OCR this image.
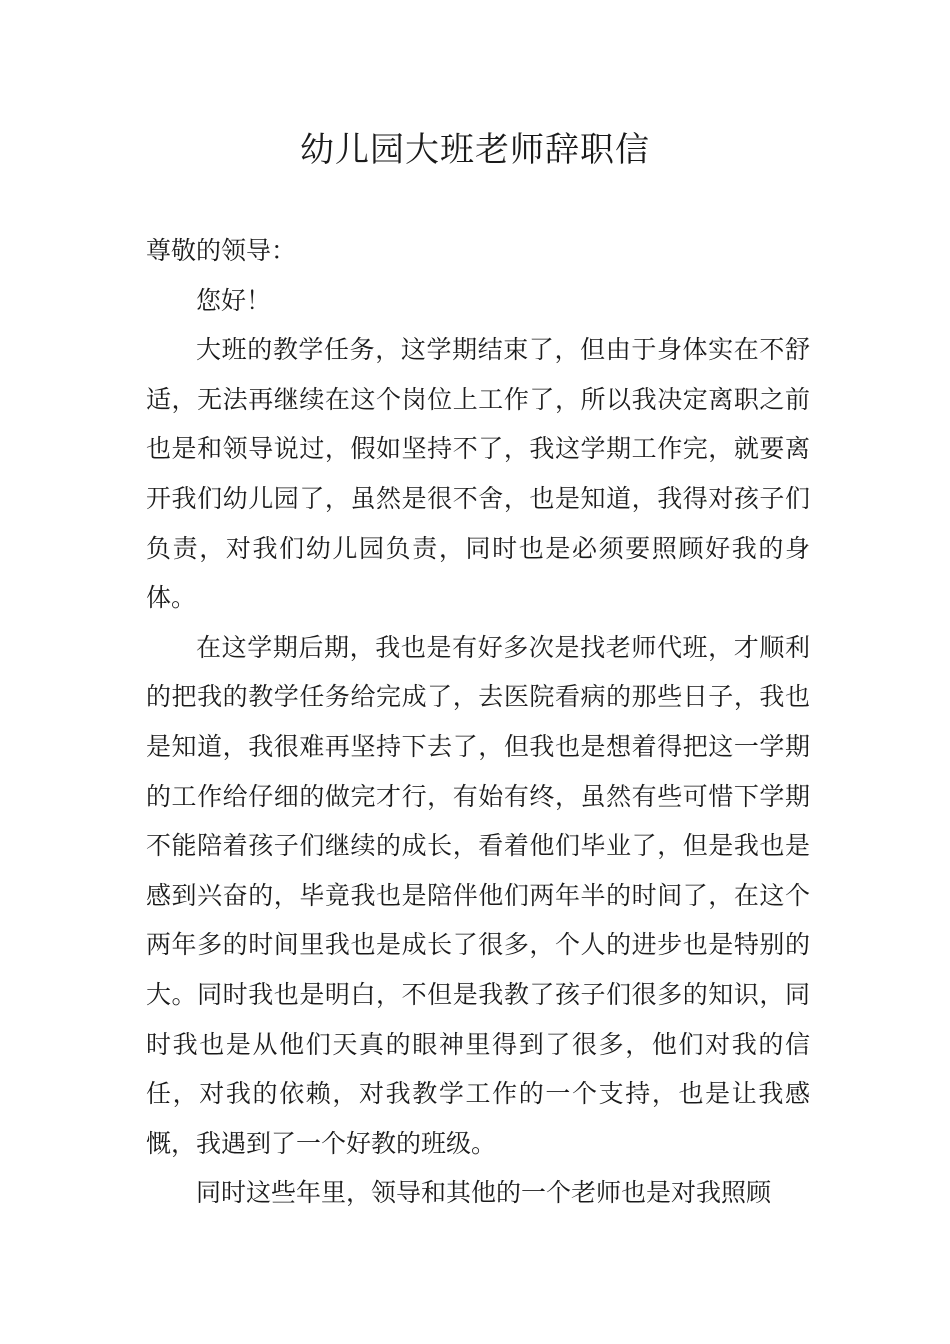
幼儿园大班老师辞职信

尊敬的领导：

您好！

大班的教学任务，这学期结束了，但由于身体实在不舒适，无法再继续在这个岗位上工作了，所以我决定离职之前也是和领导说过，假如坚持不了，我这学期工作完，就要离开我们幼儿园了，虽然是很不舍，也是知道，我得对孩子们负责，对我们幼儿园负责，同时也是必须要照顾好我的身体。

在这学期后期，我也是有好多次是找老师代班，才顺利的把我的教学任务给完成了，去医院看病的那些日子，我也是知道，我很难再坚持下去了，但我也是想着得把这一学期的工作给仔细的做完才行，有始有终，虽然有些可惜下学期不能陪着孩子们继续的成长，看着他们毕业了，但是我也是感到兴奋的，毕竟我也是陪伴他们两年半的时间了，在这个两年多的时间里我也是成长了很多，个人的进步也是特别的大。同时我也是明白，不但是我教了孩子们很多的知识，同时我也是从他们天真的眼神里得到了很多，他们对我的信任，对我的依赖，对我教学工作的一个支持，也是让我感慨，我遇到了一个好教的班级。

同时这些年里，领导和其他的一个老师也是对我照顾
